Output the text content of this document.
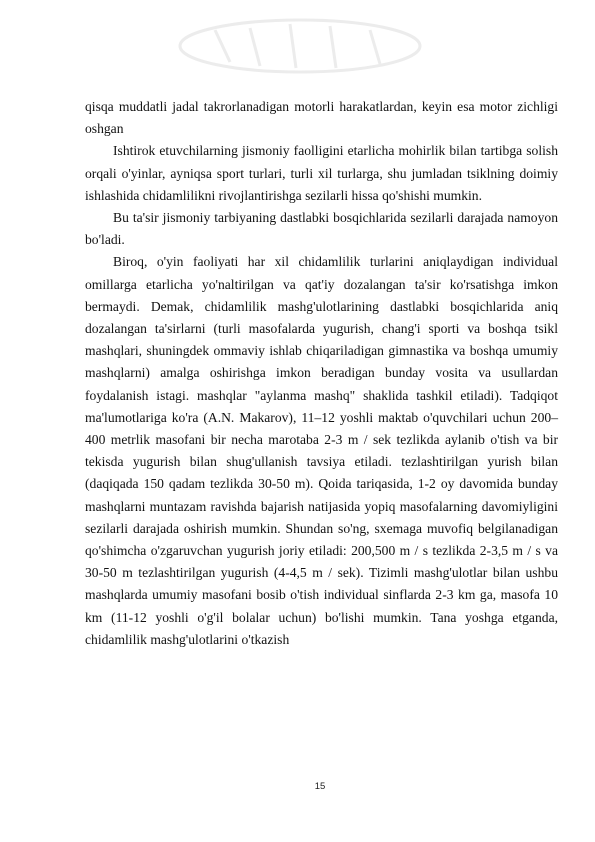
qisqa muddatli jadal takrorlanadigan motorli harakatlardan, keyin esa motor zichligi oshgan

Ishtirok etuvchilarning jismoniy faolligini etarlicha mohirlik bilan tartibga solish orqali o'yinlar, ayniqsa sport turlari, turli xil turlarga, shu jumladan tsiklning doimiy ishlashida chidamlilikni rivojlantirishga sezilarli hissa qo'shishi mumkin.

Bu ta'sir jismoniy tarbiyaning dastlabki bosqichlarida sezilarli darajada namoyon bo'ladi.

Biroq, o'yin faoliyati har xil chidamlilik turlarini aniqlaydigan individual omillarga etarlicha yo'naltirilgan va qat'iy dozalangan ta'sir ko'rsatishga imkon bermaydi. Demak, chidamlilik mashg'ulotlarining dastlabki bosqichlarida aniq dozalangan ta'sirlarni (turli masofalarda yugurish, chang'i sporti va boshqa tsikl mashqlari, shuningdek ommaviy ishlab chiqariladigan gimnastika va boshqa umumiy mashqlarni) amalga oshirishga imkon beradigan bunday vosita va usullardan foydalanish istagi. mashqlar "aylanma mashq" shaklida tashkil etiladi). Tadqiqot ma'lumotlariga ko'ra (A.N. Makarov), 11–12 yoshli maktab o'quvchilari uchun 200–400 metrlik masofani bir necha marotaba 2-3 m / sek tezlikda aylanib o'tish va bir tekisda yugurish bilan shug'ullanish tavsiya etiladi. tezlashtirilgan yurish bilan (daqiqada 150 qadam tezlikda 30-50 m). Qoida tariqasida, 1-2 oy davomida bunday mashqlarni muntazam ravishda bajarish natijasida yopiq masofalarning davomiyligini sezilarli darajada oshirish mumkin. Shundan so'ng, sxemaga muvofiq belgilanadigan qo'shimcha o'zgaruvchan yugurish joriy etiladi: 200,500 m / s tezlikda 2-3,5 m / s va 30-50 m tezlashtirilgan yugurish (4-4,5 m / sek). Tizimli mashg'ulotlar bilan ushbu mashqlarda umumiy masofani bosib o'tish individual sinflarda 2-3 km ga, masofa 10 km (11-12 yoshli o'g'il bolalar uchun) bo'lishi mumkin. Tana yoshga etganda, chidamlilik mashg'ulotlarini o'tkazish

15
